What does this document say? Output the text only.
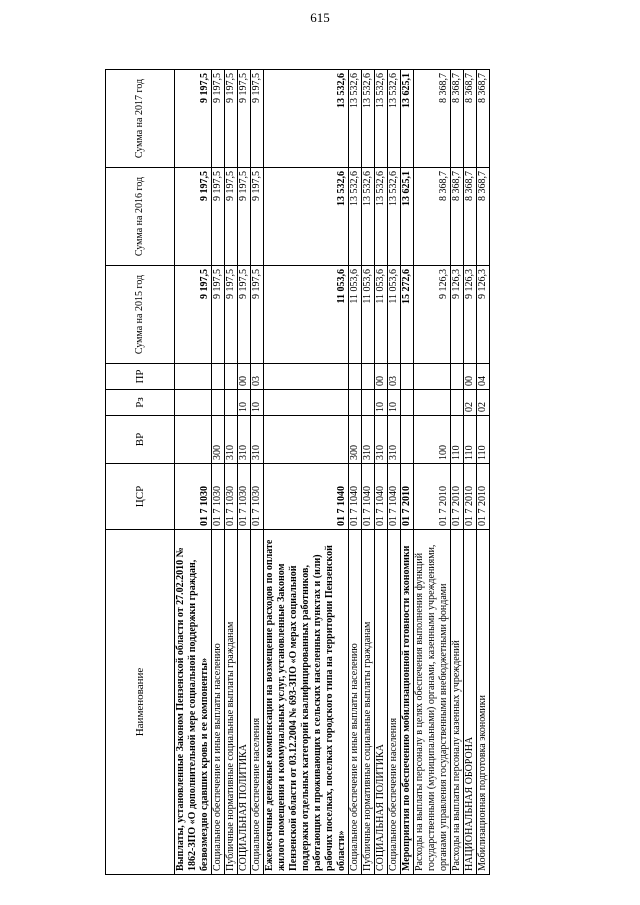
615
Наименование	ЦСР	ВР	Рз	ПР	Сумма на 2015 год	Сумма на 2016 год	Сумма на 2017 год
Выплаты, установленные Законом Пензенской области от 27.02.2010 № 1862-ЗПО «О дополнительной мере социальной поддержки граждан, безвозмездно сдавших кровь и ее компоненты»	01 7 1030				9 197,5	9 197,5	9 197,5
Социальное обеспечение и иные выплаты населению	01 7 1030	300			9 197,5	9 197,5	9 197,5
Публичные нормативные социальные выплаты гражданам	01 7 1030	310			9 197,5	9 197,5	9 197,5
СОЦИАЛЬНАЯ ПОЛИТИКА	01 7 1030	310	10	00	9 197,5	9 197,5	9 197,5
Социальное обеспечение населения	01 7 1030	310	10	03	9 197,5	9 197,5	9 197,5
Ежемесячные денежные компенсации на возмещение расходов по оплате жилого помещения и коммунальных услуг, установленные Законом Пензенской области от 03.12.2004 № 693-ЗПО «О мерах социальной поддержки отдельных категорий квалифицированных работников, работающих и проживающих в сельских населенных пунктах и (или) рабочих поселках, поселках городского типа на территории Пензенской области»	01 7 1040				11 053,6	13 532,6	13 532,6
Социальное обеспечение и иные выплаты населению	01 7 1040	300			11 053,6	13 532,6	13 532,6
Публичные нормативные социальные выплаты гражданам	01 7 1040	310			11 053,6	13 532,6	13 532,6
СОЦИАЛЬНАЯ ПОЛИТИКА	01 7 1040	310	10	00	11 053,6	13 532,6	13 532,6
Социальное обеспечение населения	01 7 1040	310	10	03	11 053,6	13 532,6	13 532,6
Мероприятия по обеспечению мобилизационной готовности экономики	01 7 2010				15 272,6	13 625,1	13 625,1
Расходы на выплаты персоналу в целях обеспечения выполнения функций государственными (муниципальными) органами, казенными учреждениями, органами управления государственными внебюджетными фондами	01 7 2010	100			9 126,3	8 368,7	8 368,7
Расходы на выплаты персоналу казенных учреждений	01 7 2010	110			9 126,3	8 368,7	8 368,7
НАЦИОНАЛЬНАЯ ОБОРОНА	01 7 2010	110	02	00	9 126,3	8 368,7	8 368,7
Мобилизационная подготовка экономики	01 7 2010	110	02	04	9 126,3	8 368,7	8 368,7
